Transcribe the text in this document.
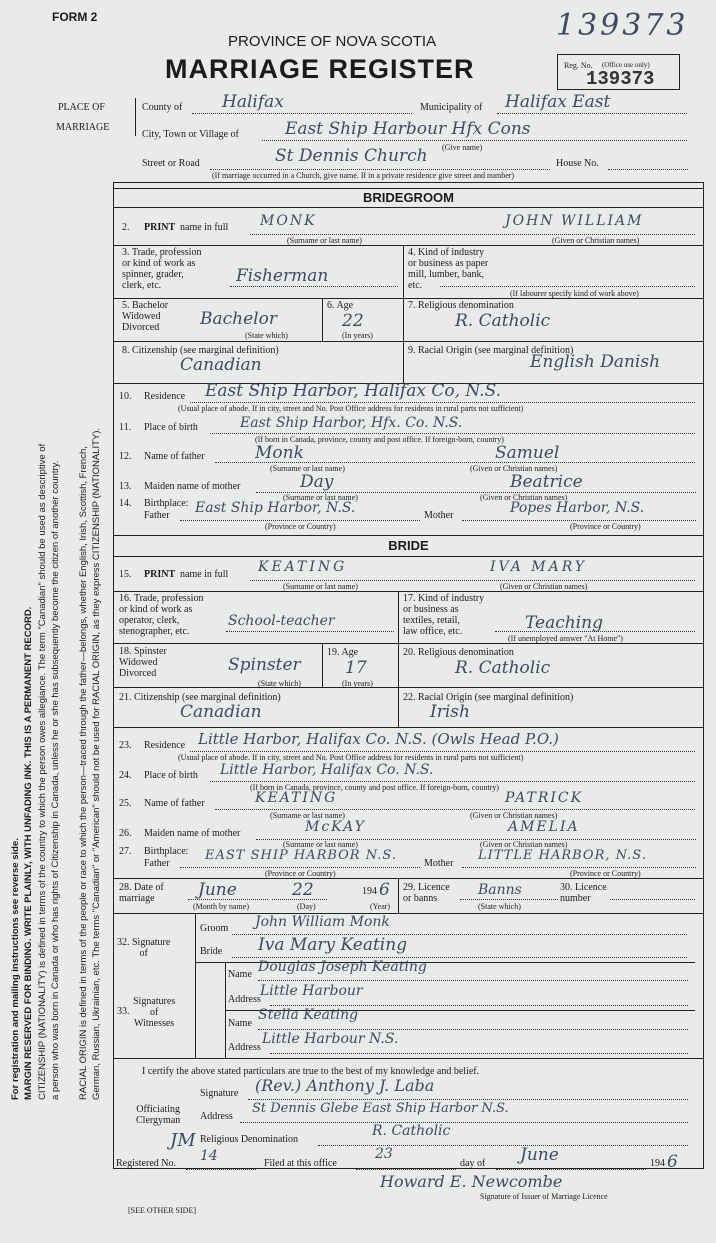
FORM 2	139373
PROVINCE OF NOVA SCOTIA
MARRIAGE REGISTER	Reg. No. (Office use only)
139373
PLACE OF
MARRIAGE
County of Halifax	Municipality of Halifax East
City, Town or Village of	East Ship Harbour Hfx Cons
(Give name)
Street or Road	St Dennis Church	House No.
(If marriage occurred in a Church, give name. If in a private residence give street and number)
For registration and mailing instructions see reverse side. MARGIN RESERVED FOR BINDING. WRITE PLAINLY, WITH UNFADING INK. THIS IS A PERMANENT RECORD. CITIZENSHIP (NATIONALITY) is defined in terms of the country to which the person owes allegiance. The term "Canadian" should be used as descriptive of a person who was born in Canada or who has rights of Citizenship in Canada, unless he or she has subsequently become the citizen of another country. RACIAL ORIGIN is defined in terms of the people or race to which the person—traced through the father—belongs, whether English, Irish, Scottish, French, German, Russian, Ukrainian, etc. The terms "Canadian" or "American" should not be used for RACIAL ORIGIN, as they express CITIZENSHIP (NATIONALITY).
BRIDEGROOM
2. PRINT name in full MONK	JOHN WILLIAM
(Surname or last name)	(Given or Christian names)
3. Trade, profession
or kind of work as
spinner, grader,
clerk, etc.	Fisherman
4. Kind of industry
or business as paper
mill, lumber, bank,
etc.
(If labourer specify kind of work above)
5. Bachelor
Widowed
Divorced	Bachelor
(State which)
6. Age
22
(In years)
7. Religious denomination
R. Catholic
8. Citizenship (see marginal definition)
Canadian
9. Racial Origin (see marginal definition)
English Danish
10. Residence East Ship Harbor, Halifax Co, N.S.
(Usual place of abode. If in city, street and No. Post Office address for residents in rural parts not sufficient)
11. Place of birth	East Ship Harbor, Hfx. Co. N.S.
(If born in Canada, province, county and post office. If foreign-born, country)
12. Name of father	Monk	Samuel
(Surname or last name)	(Given or Christian names)
13. Maiden name of mother	Day	Beatrice
(Surname or last name)	(Given or Christian names)
14. Birthplace:
Father East Ship Harbor, N.S.	Mother	Popes Harbor, N.S.
(Province or Country)	(Province or Country)
BRIDE
15. PRINT name in full KEATING	IVA MARY
(Surname or last name)	(Given or Christian names)
16. Trade, profession
or kind of work as
operator, clerk,
stenographer, etc.
School-teacher
17. Kind of industry
or business as
textiles, retail,
law office, etc.	Teaching
(If unemployed answer "At Home")
18. Spinster
Widowed
Divorced	Spinster
(State which)
19. Age
17
(In years)
20. Religious denomination
R. Catholic
21. Citizenship (see marginal definition)
Canadian
22. Racial Origin (see marginal definition)
Irish
23. Residence Little Harbor, Halifax Co. N.S. (Owls Head P.O.)
(Usual place of abode. If in city, street and No. Post Office address for residents in rural parts not sufficient)
24. Place of birth Little Harbor, Halifax Co. N.S.
(If born in Canada, province, county and post office. If foreign-born, country)
25. Name of father	KEATING	PATRICK
(Surname or last name)	(Given or Christian names)
26. Maiden name of mother	McKAY	AMELIA
(Surname or last name)	(Given or Christian names)
27. Birthplace:
Father
EAST SHIP HARBOR N.S.
Mother
LITTLE HARBOR, N.S.
(Province or Country)	(Province or Country)
28. Date of
marriage	June	22	194 6
(Month by name)	(Day)	(Year)
29. Licence
or banns
Banns
(State which)
30. Licence
number
32. Signature
of
Groom John William Monk
Bride Iva Mary Keating
33.
Signatures
of
Witnesses
Name Douglas Joseph Keating
Address
Little Harbour
Name
Stella Keating
Address
Little Harbour N.S.
I certify the above stated particulars are true to the best of my knowledge and belief.
Signature (Rev.) Anthony J. Laba
Officiating
Clergyman Address
St Dennis Glebe East Ship Harbor N.S.
Religious Denomination
R. Catholic
JM
Registered No. 14	Filed at this office
23
day of June	194 6
Howard E. Newcombe
Signature of Issuer of Marriage Licence
[SEE OTHER SIDE]
